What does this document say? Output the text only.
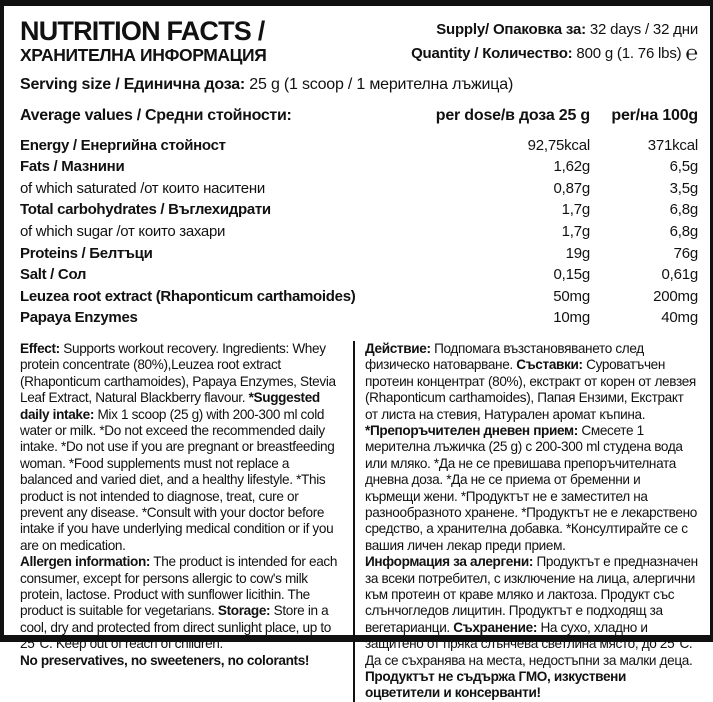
NUTRITION FACTS /
ХРАНИТЕЛНА ИНФОРМАЦИЯ
Supply/ Опаковка за: 32 days / 32 дни
Quantity / Количество: 800 g (1. 76 lbs) ℮
Serving size / Единична доза: 25 g (1 scoop / 1 мерителна лъжица)
Average values / Средни стойности:	per dose/в доза 25 g	per/на 100g
Energy / Енергийна стойност	92,75kcal	371kcal
Fats / Мазнини	1,62g	6,5g
of which saturated /от които наситени	0,87g	3,5g
Total carbohydrates / Въглехидрати	1,7g	6,8g
of which sugar /от които захари	1,7g	6,8g
Proteins / Белтъци	19g	76g
Salt / Сол	0,15g	0,61g
Leuzea root extract (Rhaponticum carthamoides)	50mg	200mg
Papaya Enzymes	10mg	40mg

Effect: Supports workout recovery. Ingredients: Whey protein concentrate (80%),Leuzea root extract (Rhaponticum carthamoides), Papaya Enzymes, Stevia Leaf Extract, Natural Blackberry flavour. *Suggested daily intake: Mix 1 scoop (25 g) with 200-300 ml cold water or milk. *Do not exceed the recommended daily intake. *Do not use if you are pregnant or breastfeeding woman. *Food supplements must not replace a balanced and varied diet, and a healthy lifestyle. *This product is not intended to diagnose, treat, cure or prevent any disease. *Consult with your doctor before intake if you have underlying medical condition or if you are on medication.

Allergen information: The product is intended for each consumer, except for persons allergic to cow's milk protein, lactose. Product with sunflower licithin. The product is suitable for vegetarians. Storage: Store in a cool, dry and protected from direct sunlight place, up to 25°C. Keep out of reach of children.

No preservatives, no sweeteners, no colorants!

Действие: Подпомага възстановяването след физическо натоварване. Съставки: Суроватъчен протеин концентрат (80%), екстракт от корен от левзея (Rhaponticum carthamoides), Папая Ензими, Екстракт от листа на стевия, Натурален аромат къпина. *Препоръчителен дневен прием: Смесете 1 мерителна лъжичка (25 g) с 200-300 ml студена вода или мляко. *Да не се превишава препоръчителната дневна доза. *Да не се приема от бременни и кърмещи жени. *Продуктът не е заместител на разнообразното хранене. *Продуктът не е лекарствено средство, а хранителна добавка. *Консултирайте се с вашия личен лекар преди прием.

Информация за алергени: Продуктът е предназначен за всеки потребител, с изключение на лица, алергични към протеин от краве мляко и лактоза. Продукт със слънчогледов лицитин. Продуктът е подходящ за вегетарианци. Съхранение: На сухо, хладно и защитено от пряка слънчева светлина място, до 25°C. Да се съхранява на места, недостъпни за малки деца. Продуктът не съдържа ГМО, изкуствени оцветители и консерванти!
